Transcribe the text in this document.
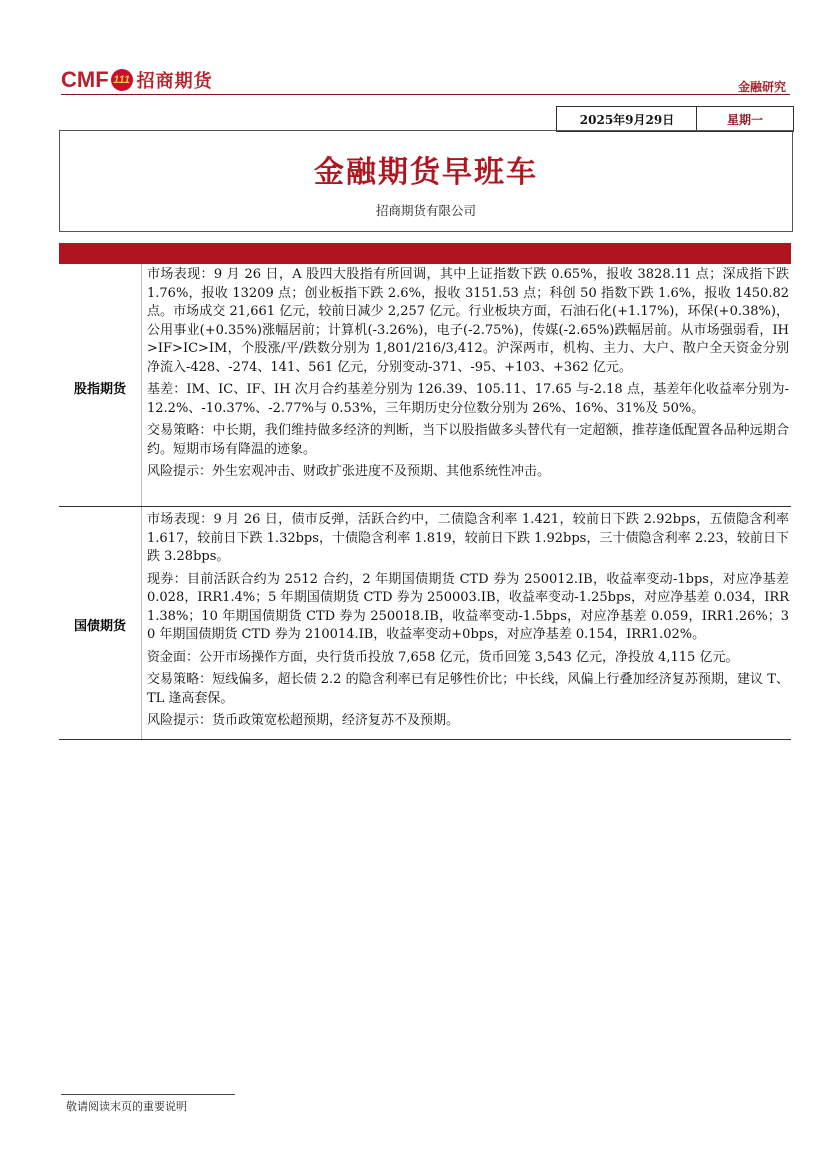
CMF 111 招商期货	金融研究
2025年9月29日	星期一
金融期货早班车
招商期货有限公司
股指期货

市场表现：9 月 26 日，A 股四大股指有所回调，其中上证指数下跌 0.65%，报收 3828.11 点；深成指下跌 1.76%，报收 13209 点；创业板指下跌 2.6%，报收 3151.53 点；科创 50 指数下跌 1.6%，报收 1450.82 点。市场成交 21,661 亿元，较前日减少 2,257 亿元。行业板块方面，石油石化(+1.17%)，环保(+0.38%)，公用事业(+0.35%)涨幅居前；计算机(-3.26%)，电子(-2.75%)，传媒(-2.65%)跌幅居前。从市场强弱看，IH>IF>IC>IM，个股涨/平/跌数分别为 1,801/216/3,412。沪深两市，机构、主力、大户、散户全天资金分别净流入-428、-274、141、561 亿元，分别变动-371、-95、+103、+362 亿元。

基差：IM、IC、IF、IH 次月合约基差分别为 126.39、105.11、17.65 与-2.18 点，基差年化收益率分别为-12.2%、-10.37%、-2.77%与 0.53%，三年期历史分位数分别为 26%、16%、31%及 50%。

交易策略：中长期，我们维持做多经济的判断，当下以股指做多头替代有一定超额，推荐逢低配置各品种远期合约。短期市场有降温的迹象。

风险提示：外生宏观冲击、财政扩张进度不及预期、其他系统性冲击。

国债期货

市场表现：9 月 26 日，债市反弹，活跃合约中，二债隐含利率 1.421，较前日下跌 2.92bps，五债隐含利率 1.617，较前日下跌 1.32bps，十债隐含利率 1.819，较前日下跌 1.92bps，三十债隐含利率 2.23，较前日下跌 3.28bps。

现券：目前活跃合约为 2512 合约，2 年期国债期货 CTD 券为 250012.IB，收益率变动-1bps，对应净基差 0.028，IRR1.4%；5 年期国债期货 CTD 券为 250003.IB，收益率变动-1.25bps，对应净基差 0.034，IRR1.38%；10 年期国债期货 CTD 券为 250018.IB，收益率变动-1.5bps，对应净基差 0.059，IRR1.26%；30 年期国债期货 CTD 券为 210014.IB，收益率变动+0bps，对应净基差 0.154，IRR1.02%。

资金面：公开市场操作方面，央行货币投放 7,658 亿元，货币回笼 3,543 亿元，净投放 4,115 亿元。

交易策略：短线偏多，超长债 2.2 的隐含利率已有足够性价比；中长线，风偏上行叠加经济复苏预期，建议 T、TL 逢高套保。

风险提示：货币政策宽松超预期，经济复苏不及预期。

敬请阅读末页的重要说明
